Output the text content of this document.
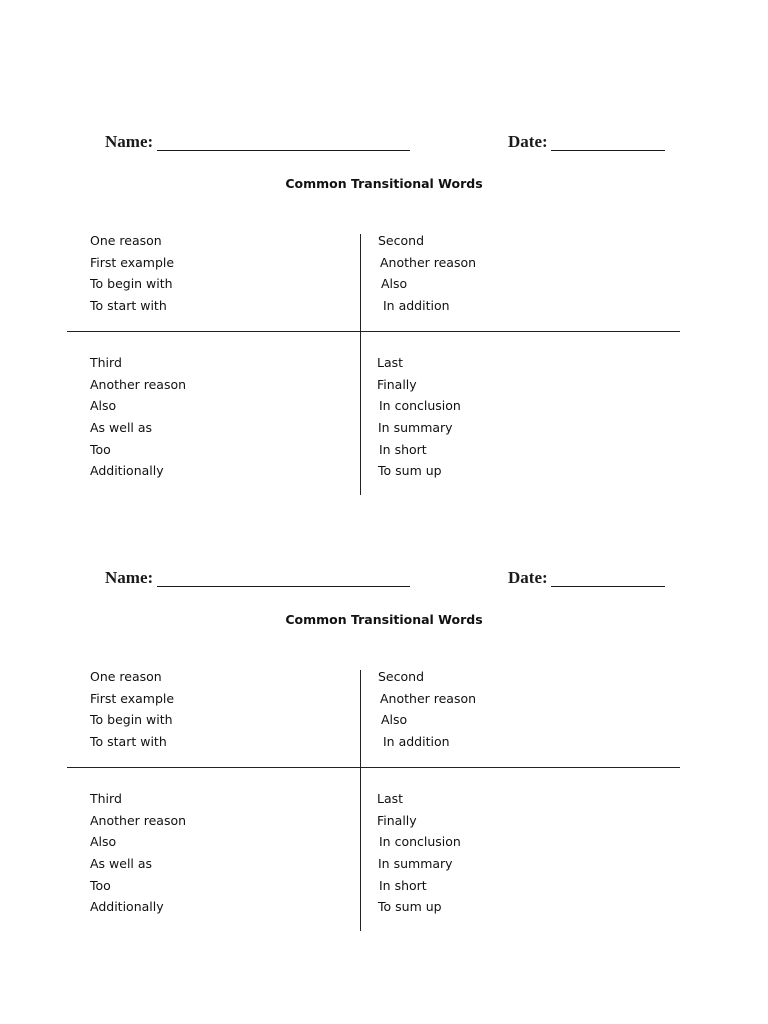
Name:	Date:
Common Transitional Words
One reason
First example
To begin with
To start with
Second
Another reason
Also
In addition
Third
Another reason
Also
As well as
Too
Additionally
Last
Finally
In conclusion
In summary
In short
To sum up
Name:	Date:
Common Transitional Words
One reason
First example
To begin with
To start with
Second
Another reason
Also
In addition
Third
Another reason
Also
As well as
Too
Additionally
Last
Finally
In conclusion
In summary
In short
To sum up
